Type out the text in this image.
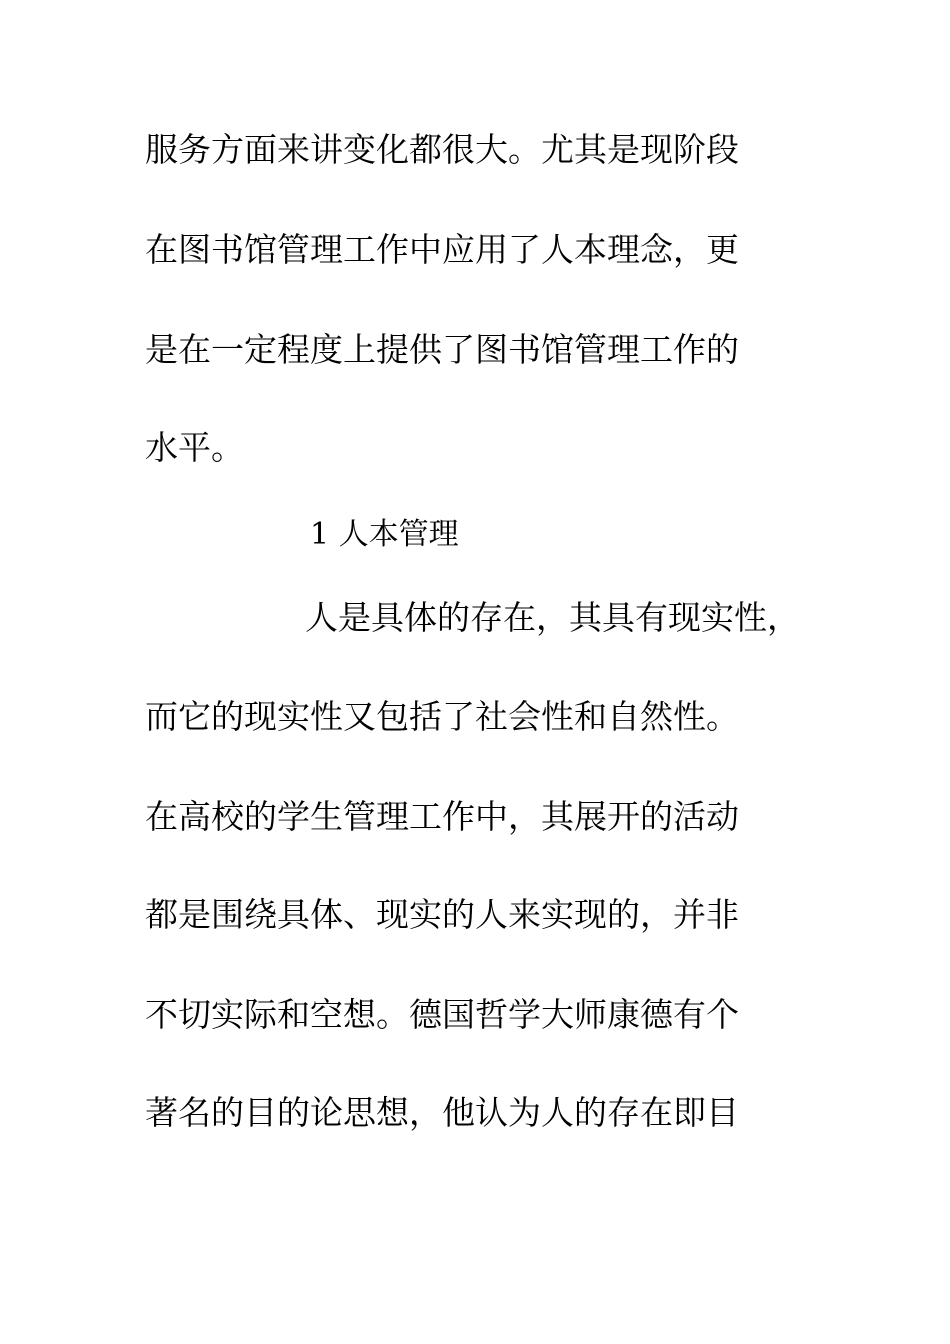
服务方面来讲变化都很大。尤其是现阶段
在图书馆管理工作中应用了人本理念，更
是在一定程度上提供了图书馆管理工作的
水平。
1 人本管理
人是具体的存在，其具有现实性，
而它的现实性又包括了社会性和自然性。
在高校的学生管理工作中，其展开的活动
都是围绕具体、现实的人来实现的，并非
不切实际和空想。德国哲学大师康德有个
著名的目的论思想，他认为人的存在即目
